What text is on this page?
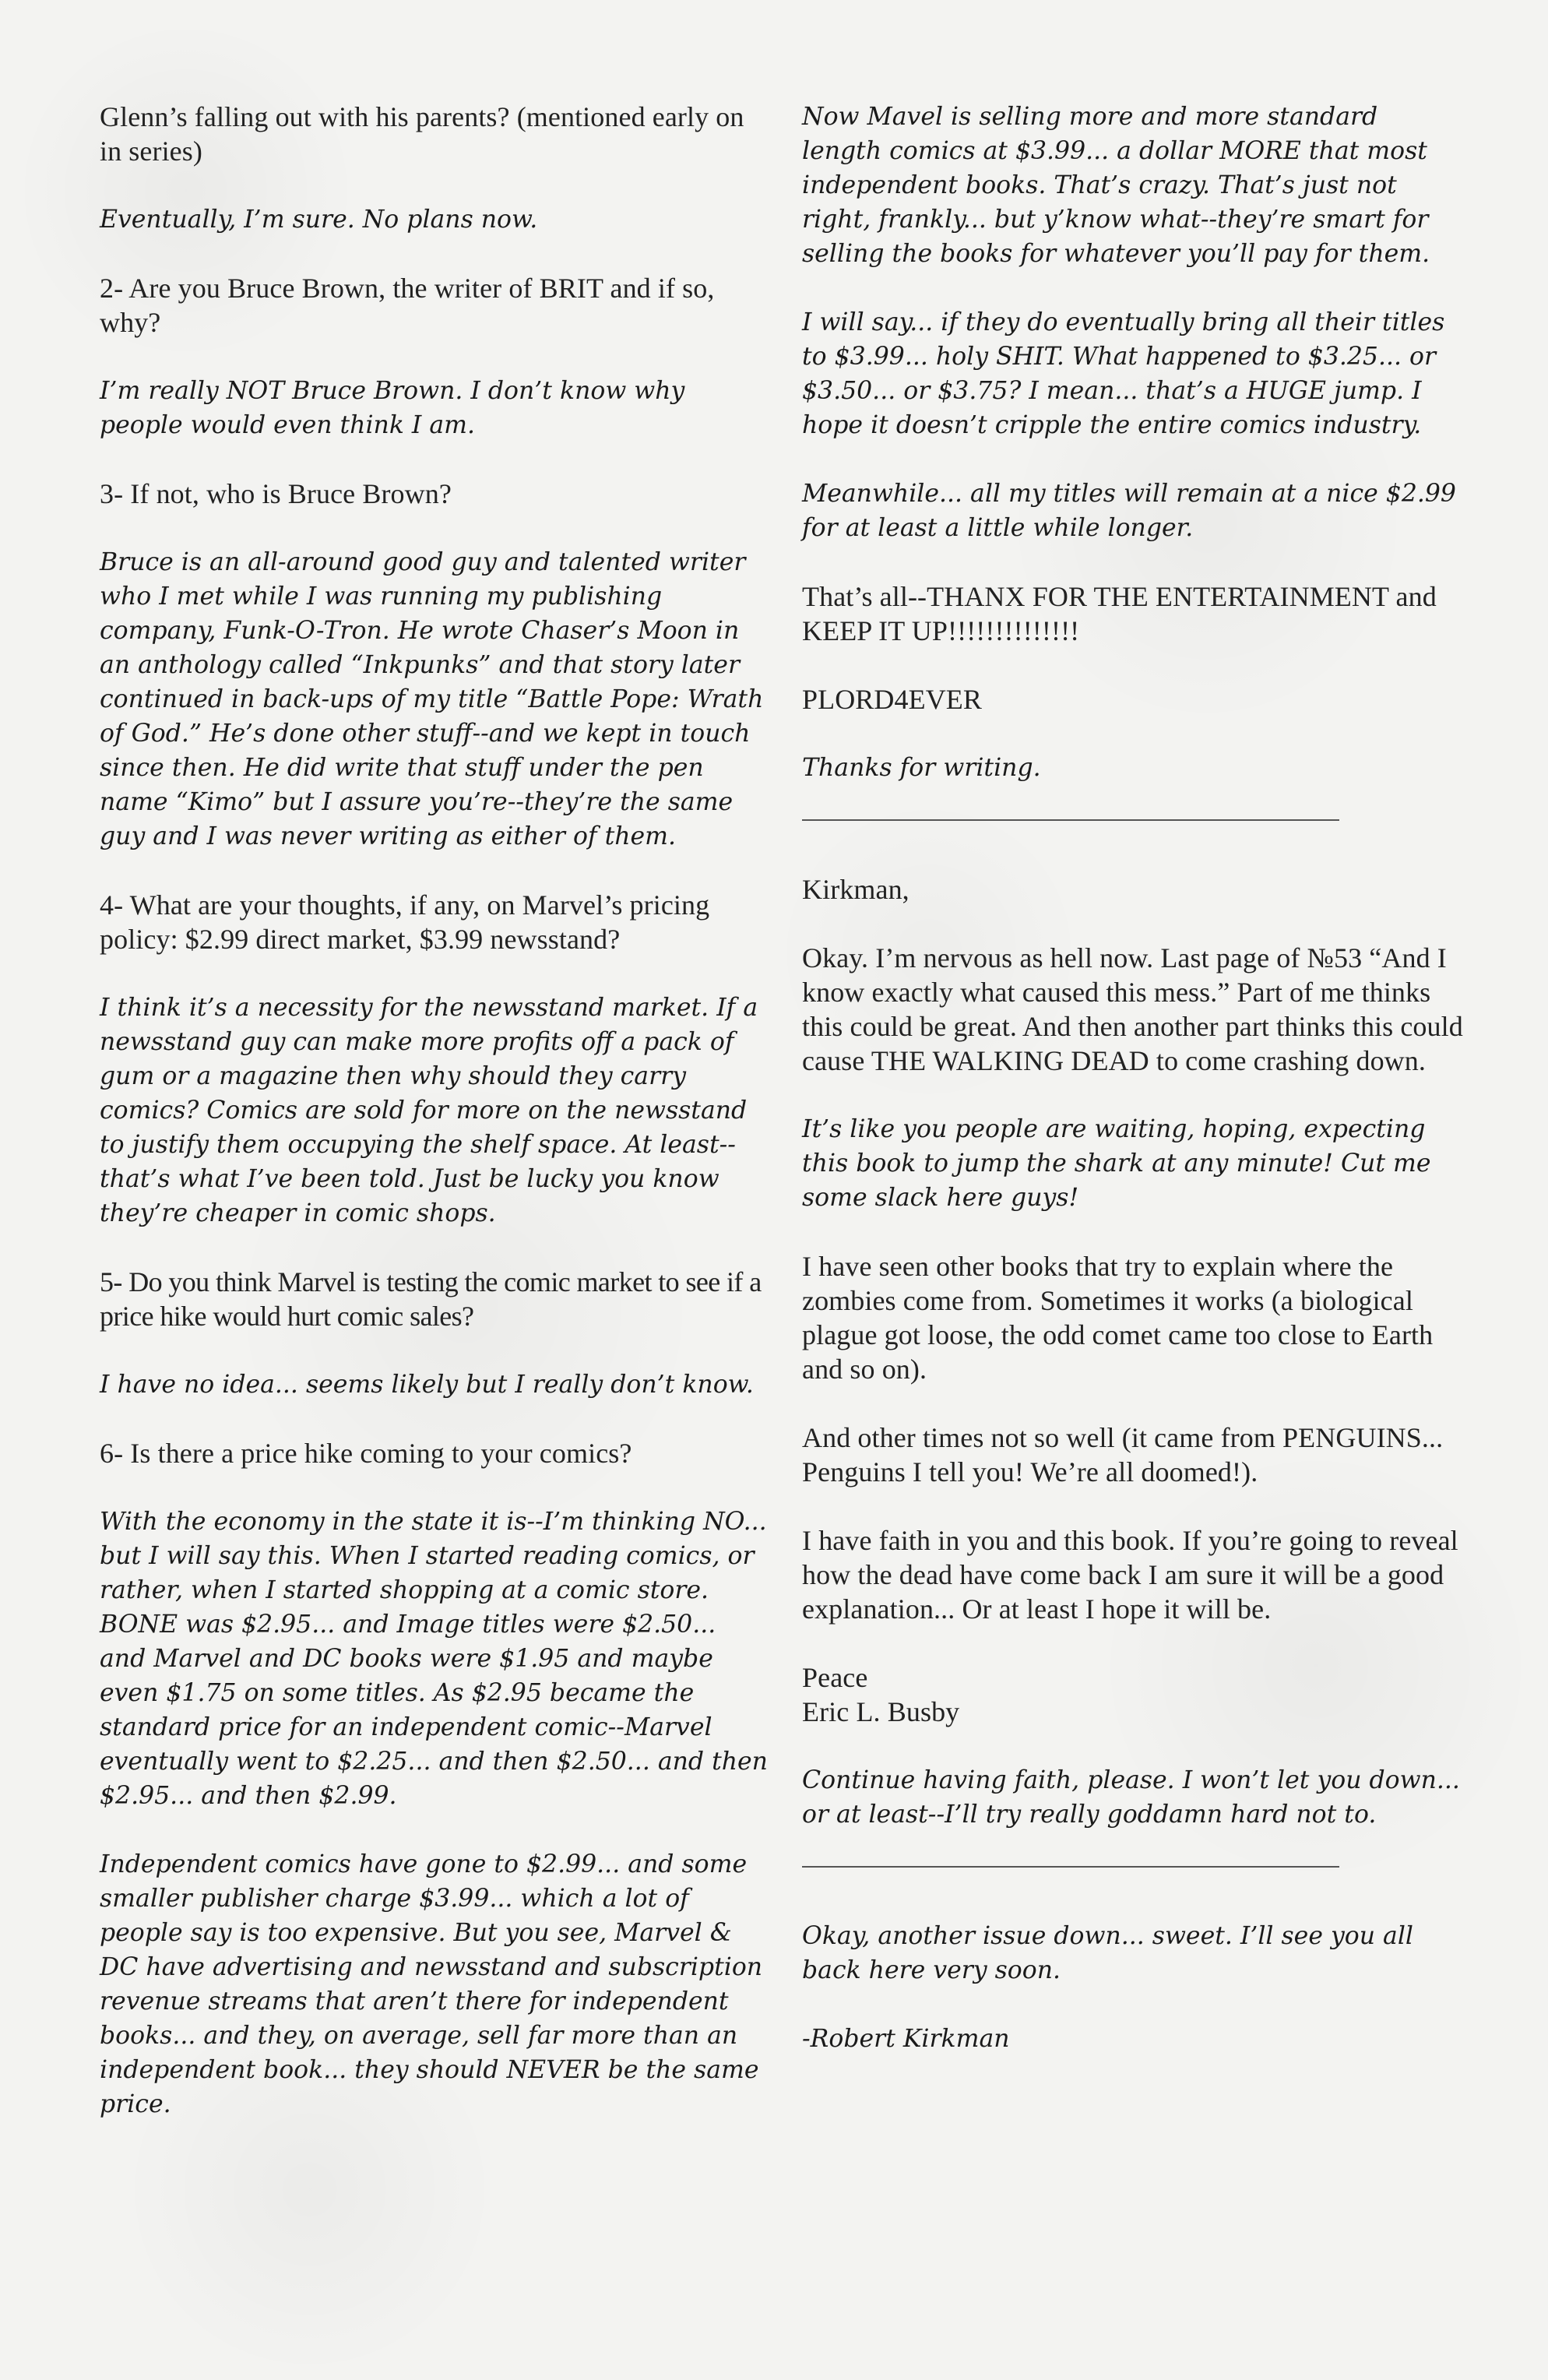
Glenn’s falling out with his parents? (mentioned early on in series)

Eventually, I’m sure. No plans now.

2- Are you Bruce Brown, the writer of BRIT and if so, why?

I’m really NOT Bruce Brown. I don’t know why people would even think I am.

3- If not, who is Bruce Brown?

Bruce is an all-around good guy and talented writer who I met while I was running my publishing company, Funk-O-Tron. He wrote Chaser’s Moon in an anthology called “Inkpunks” and that story later continued in back-ups of my title “Battle Pope: Wrath of God.” He’s done other stuff--and we kept in touch since then. He did write that stuff under the pen name “Kimo” but I assure you’re--they’re the same guy and I was never writing as either of them.

4- What are your thoughts, if any, on Marvel’s pricing policy: $2.99 direct market, $3.99 newsstand?

I think it’s a necessity for the newsstand market. If a newsstand guy can make more profits off a pack of gum or a magazine then why should they carry comics? Comics are sold for more on the newsstand to justify them occupying the shelf space. At least--that’s what I’ve been told. Just be lucky you know they’re cheaper in comic shops.

5- Do you think Marvel is testing the comic market to see if a price hike would hurt comic sales?

I have no idea... seems likely but I really don’t know.

6- Is there a price hike coming to your comics?

With the economy in the state it is--I’m thinking NO... but I will say this. When I started reading comics, or rather, when I started shopping at a comic store. BONE was $2.95... and Image titles were $2.50... and Marvel and DC books were $1.95 and maybe even $1.75 on some titles. As $2.95 became the standard price for an independent comic--Marvel eventually went to $2.25... and then $2.50... and then $2.95... and then $2.99.

Independent comics have gone to $2.99... and some smaller publisher charge $3.99... which a lot of people say is too expensive. But you see, Marvel & DC have advertising and newsstand and subscription revenue streams that aren’t there for independent books... and they, on average, sell far more than an independent book... they should NEVER be the same price.

Now Mavel is selling more and more standard length comics at $3.99... a dollar MORE that most independent books. That’s crazy. That’s just not right, frankly... but y’know what--they’re smart for selling the books for whatever you’ll pay for them.

I will say... if they do eventually bring all their titles to $3.99... holy SHIT. What happened to $3.25... or $3.50... or $3.75? I mean... that’s a HUGE jump. I hope it doesn’t cripple the entire comics industry.

Meanwhile... all my titles will remain at a nice $2.99 for at least a little while longer.

That’s all--THANX FOR THE ENTERTAINMENT and KEEP IT UP!!!!!!!!!!!!!!

PLORD4EVER

Thanks for writing.

Kirkman,

Okay. I’m nervous as hell now. Last page of №53 “And I know exactly what caused this mess.” Part of me thinks this could be great. And then another part thinks this could cause THE WALKING DEAD to come crashing down.

It’s like you people are waiting, hoping, expecting this book to jump the shark at any minute! Cut me some slack here guys!

I have seen other books that try to explain where the zombies come from. Sometimes it works (a biological plague got loose, the odd comet came too close to Earth and so on).

And other times not so well (it came from PENGUINS... Penguins I tell you! We’re all doomed!).

I have faith in you and this book. If you’re going to reveal how the dead have come back I am sure it will be a good explanation... Or at least I hope it will be.

Peace

Eric L. Busby

Continue having faith, please. I won’t let you down... or at least--I’ll try really goddamn hard not to.

Okay, another issue down... sweet. I’ll see you all back here very soon.

-Robert Kirkman
